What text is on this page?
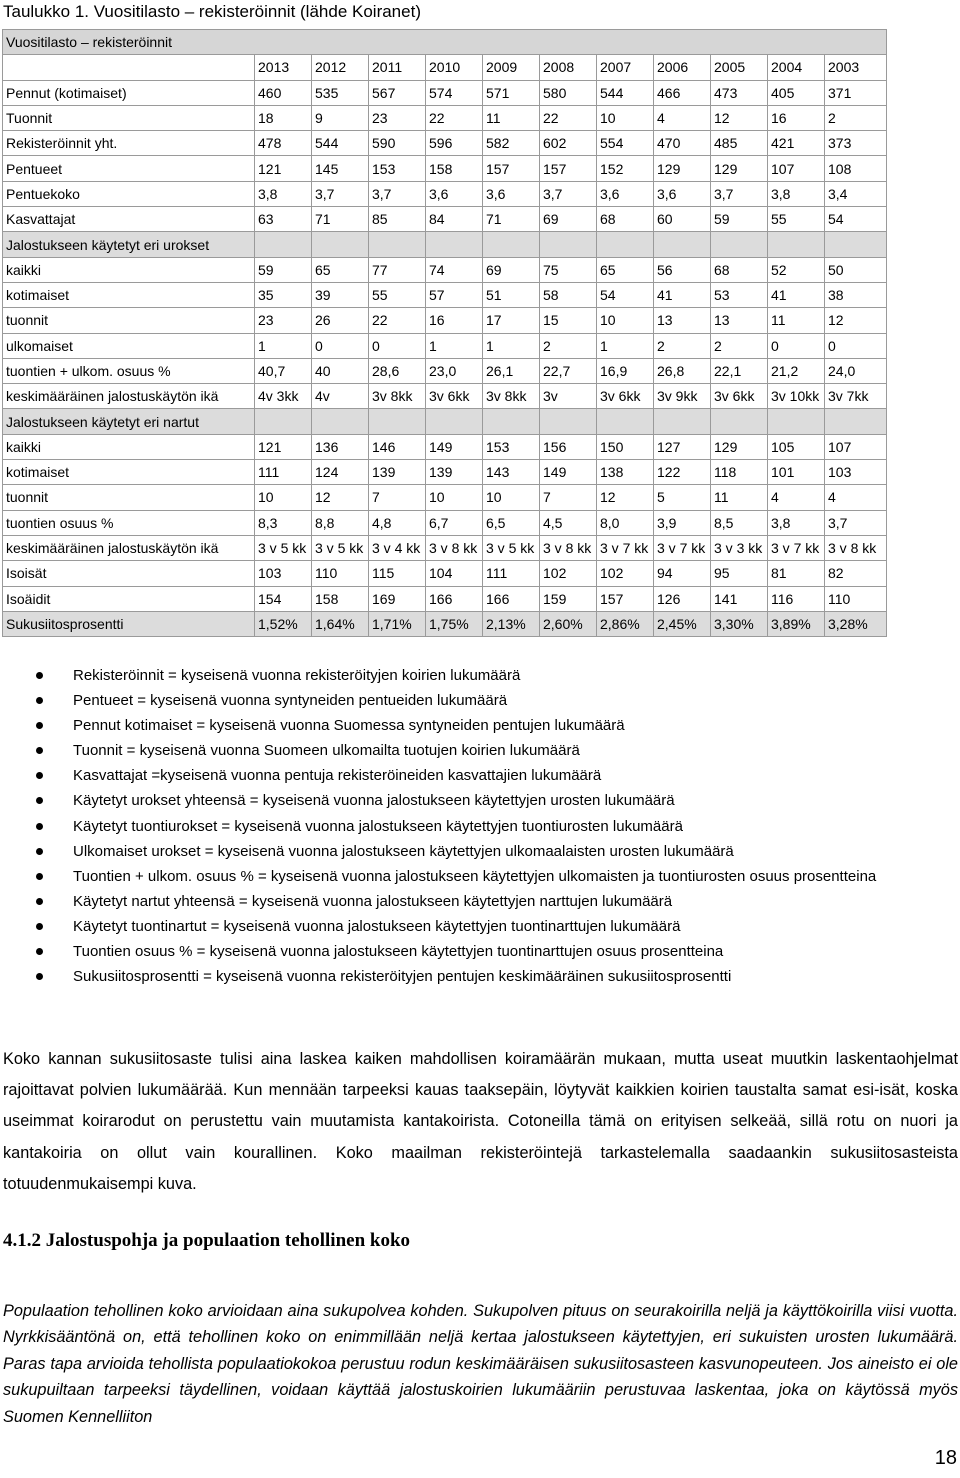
Taulukko 1. Vuositilasto – rekisteröinnit (lähde Koiranet)
Vuositilasto – rekisteröinnit											
	2013	2012	2011	2010	2009	2008	2007	2006	2005	2004	2003
Pennut (kotimaiset)	460	535	567	574	571	580	544	466	473	405	371
Tuonnit	18	9	23	22	11	22	10	4	12	16	2
Rekisteröinnit yht.	478	544	590	596	582	602	554	470	485	421	373
Pentueet	121	145	153	158	157	157	152	129	129	107	108
Pentuekoko	3,8	3,7	3,7	3,6	3,6	3,7	3,6	3,6	3,7	3,8	3,4
Kasvattajat	63	71	85	84	71	69	68	60	59	55	54
Jalostukseen käytetyt eri urokset											
kaikki	59	65	77	74	69	75	65	56	68	52	50
kotimaiset	35	39	55	57	51	58	54	41	53	41	38
tuonnit	23	26	22	16	17	15	10	13	13	11	12
ulkomaiset	1	0	0	1	1	2	1	2	2	0	0
tuontien + ulkom. osuus %	40,7	40	28,6	23,0	26,1	22,7	16,9	26,8	22,1	21,2	24,0
keskimääräinen jalostuskäytön ikä	4v 3kk	4v	3v 8kk	3v 6kk	3v 8kk	3v	3v 6kk	3v 9kk	3v 6kk	3v 10kk	3v 7kk
Jalostukseen käytetyt eri nartut											
kaikki	121	136	146	149	153	156	150	127	129	105	107
kotimaiset	111	124	139	139	143	149	138	122	118	101	103
tuonnit	10	12	7	10	10	7	12	5	11	4	4
tuontien osuus %	8,3	8,8	4,8	6,7	6,5	4,5	8,0	3,9	8,5	3,8	3,7
keskimääräinen jalostuskäytön ikä	3 v 5 kk	3 v 5 kk	3 v 4 kk	3 v 8 kk	3 v 5 kk	3 v 8 kk	3 v 7 kk	3 v 7 kk	3 v 3 kk	3 v 7 kk	3 v 8 kk
Isoisät	103	110	115	104	111	102	102	94	95	81	82
Isoäidit	154	158	169	166	166	159	157	126	141	116	110
Sukusiitosprosentti	1,52%	1,64%	1,71%	1,75%	2,13%	2,60%	2,86%	2,45%	3,30%	3,89%	3,28%
Rekisteröinnit = kyseisenä vuonna rekisteröityjen koirien lukumäärä
Pentueet = kyseisenä vuonna syntyneiden pentueiden lukumäärä
Pennut kotimaiset = kyseisenä vuonna Suomessa syntyneiden pentujen lukumäärä
Tuonnit = kyseisenä vuonna Suomeen ulkomailta tuotujen koirien lukumäärä
Kasvattajat =kyseisenä vuonna pentuja rekisteröineiden kasvattajien lukumäärä
Käytetyt urokset yhteensä = kyseisenä vuonna jalostukseen käytettyjen urosten lukumäärä
Käytetyt tuontiurokset = kyseisenä vuonna jalostukseen käytettyjen tuontiurosten lukumäärä
Ulkomaiset urokset = kyseisenä vuonna jalostukseen käytettyjen ulkomaalaisten urosten lukumäärä
Tuontien + ulkom. osuus % = kyseisenä vuonna jalostukseen käytettyjen ulkomaisten ja tuontiurosten osuus prosentteina
Käytetyt nartut yhteensä = kyseisenä vuonna jalostukseen käytettyjen narttujen lukumäärä
Käytetyt tuontinartut = kyseisenä vuonna jalostukseen käytettyjen tuontinarttujen lukumäärä
Tuontien osuus % = kyseisenä vuonna jalostukseen käytettyjen tuontinarttujen osuus prosentteina
Sukusiitosprosentti = kyseisenä vuonna rekisteröityjen pentujen keskimääräinen sukusiitosprosentti

Koko kannan sukusiitosaste tulisi aina laskea kaiken mahdollisen koiramäärän mukaan, mutta useat muutkin laskentaohjelmat rajoittavat polvien lukumäärää. Kun mennään tarpeeksi kauas taaksepäin, löytyvät kaikkien koirien taustalta samat esi-isät, koska useimmat koirarodut on perustettu vain muutamista kantakoirista. Cotoneilla tämä on erityisen selkeää, sillä rotu on nuori ja kantakoiria on ollut vain kourallinen. Koko maailman rekisteröintejä tarkastelemalla saadaankin sukusiitosasteista totuudenmukaisempi kuva.

4.1.2 Jalostuspohja ja populaation tehollinen koko

Populaation tehollinen koko arvioidaan aina sukupolvea kohden. Sukupolven pituus on seurakoirilla neljä ja käyttökoirilla viisi vuotta. Nyrkkisääntönä on, että tehollinen koko on enimmillään neljä kertaa jalostukseen käytettyjen, eri sukuisten urosten lukumäärä. Paras tapa arvioida tehollista populaatiokokoa perustuu rodun keskimääräisen sukusiitosasteen kasvunopeuteen. Jos aineisto ei ole sukupuiltaan tarpeeksi täydellinen, voidaan käyttää jalostuskoirien lukumääriin perustuvaa laskentaa, joka on käytössä myös Suomen Kennelliiton

18
